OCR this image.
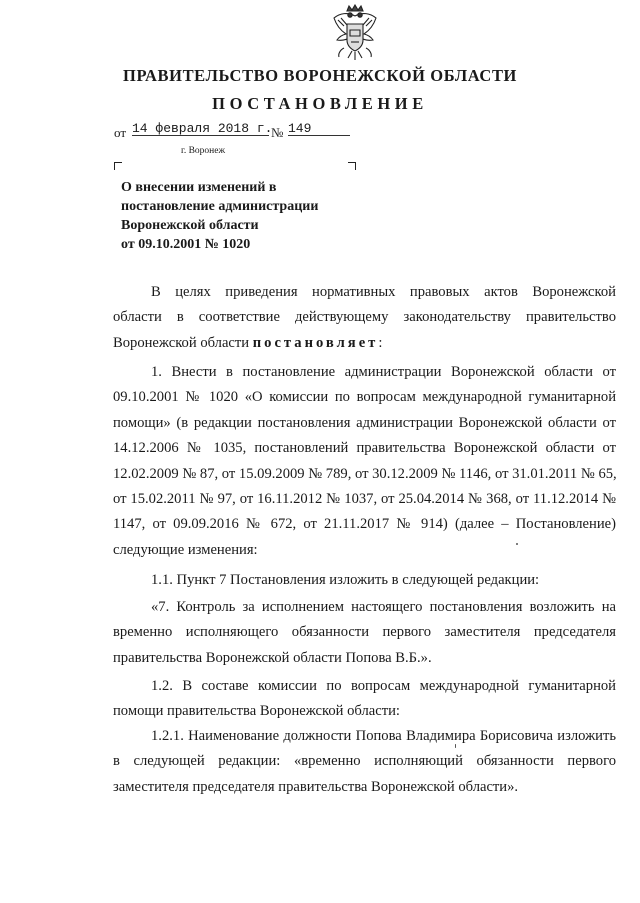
ПРАВИТЕЛЬСТВО ВОРОНЕЖСКОЙ ОБЛАСТИ
ПОСТАНОВЛЕНИЕ
от 14 февраля 2018 г.
№ 149
г. Воронеж
О внесении изменений в
постановление администрации
Воронежской области
от 09.10.2001 № 1020
В целях приведения нормативных правовых актов Воронежской
области в соответствие действующему законодательству правительство
Воронежской области постановляет:
1. Внести в постановление администрации Воронежской области от
09.10.2001 № 1020 «О комиссии по вопросам международной гуманитарной
помощи» (в редакции постановления администрации Воронежской области от
14.12.2006 № 1035, постановлений правительства Воронежской области от
12.02.2009 № 87, от 15.09.2009 № 789, от 30.12.2009 № 1146, от 31.01.2011 № 65,
от 15.02.2011 № 97, от 16.11.2012 № 1037, от 25.04.2014 № 368, от 11.12.2014 №
1147, от 09.09.2016 № 672, от 21.11.2017 № 914) (далее – Постановление)
следующие изменения:
1.1. Пункт 7 Постановления изложить в следующей редакции:
«7. Контроль за исполнением настоящего постановления возложить на
временно исполняющего обязанности первого заместителя председателя
правительства Воронежской области Попова В.Б.».
1.2. В составе комиссии по вопросам международной гуманитарной
помощи правительства Воронежской области:
1.2.1. Наименование должности Попова Владимира Борисовича изложить
в следующей редакции: «временно исполняющий обязанности первого
заместителя председателя правительства Воронежской области».
